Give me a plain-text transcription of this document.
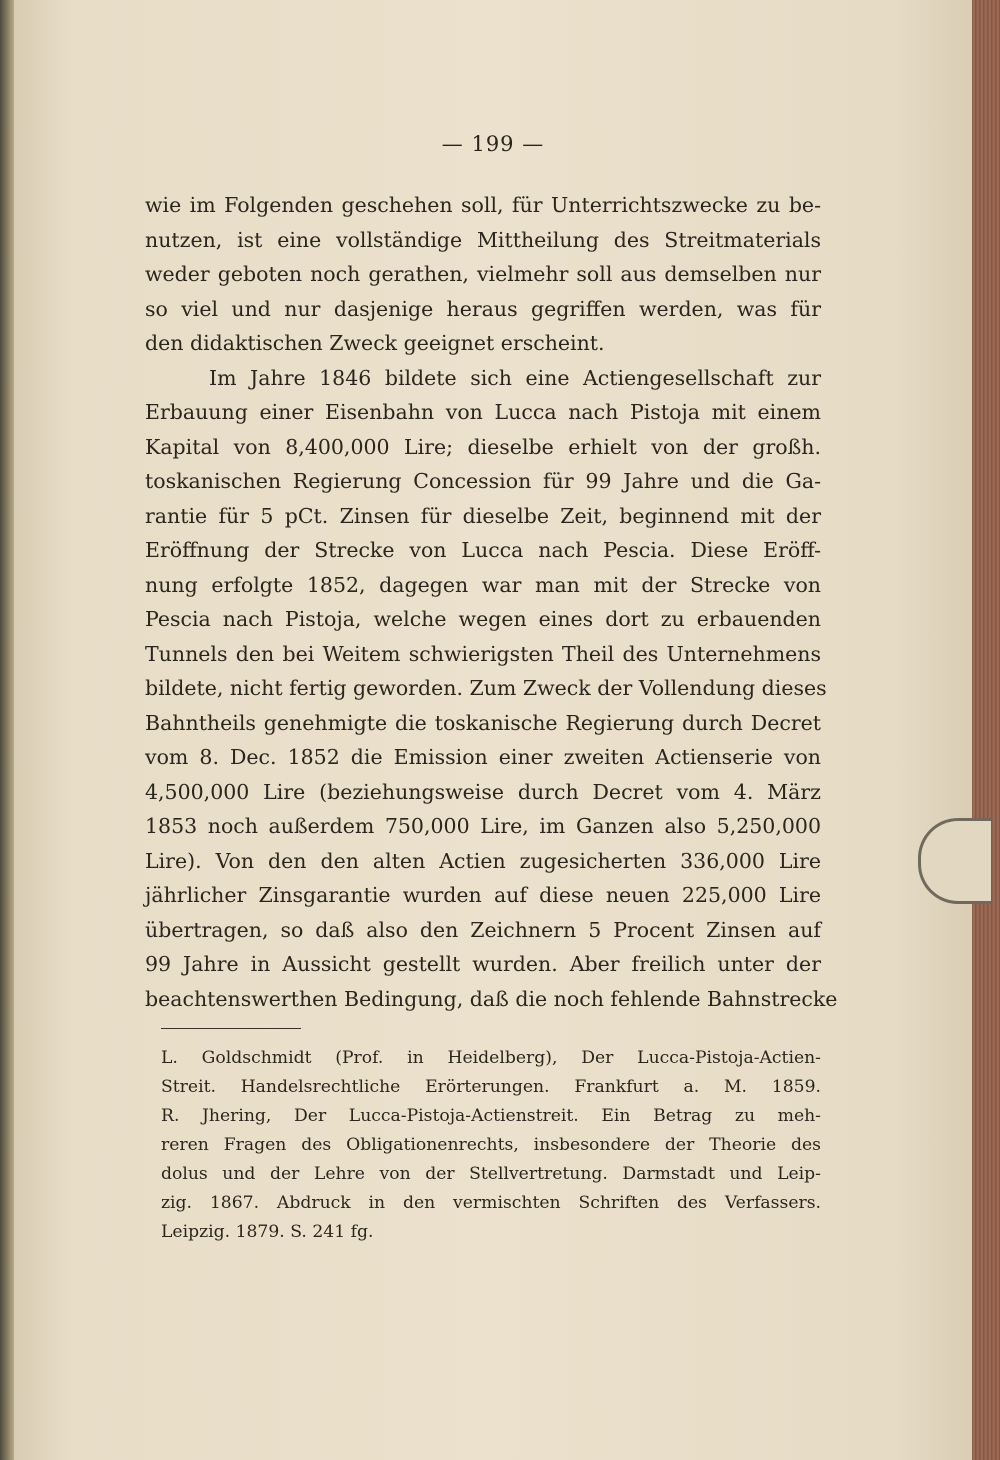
— 199 —
wie im Folgenden geschehen soll, für Unterrichtszwecke zu be-
nutzen, ist eine vollständige Mittheilung des Streitmaterials
weder geboten noch gerathen, vielmehr soll aus demselben nur
so viel und nur dasjenige heraus gegriffen werden, was für
den didaktischen Zweck geeignet erscheint.
Im Jahre 1846 bildete sich eine Actiengesellschaft zur
Erbauung einer Eisenbahn von Lucca nach Pistoja mit einem
Kapital von 8,400,000 Lire; dieselbe erhielt von der großh.
toskanischen Regierung Concession für 99 Jahre und die Ga-
rantie für 5 pCt. Zinsen für dieselbe Zeit, beginnend mit der
Eröffnung der Strecke von Lucca nach Pescia. Diese Eröff-
nung erfolgte 1852, dagegen war man mit der Strecke von
Pescia nach Pistoja, welche wegen eines dort zu erbauenden
Tunnels den bei Weitem schwierigsten Theil des Unternehmens
bildete, nicht fertig geworden. Zum Zweck der Vollendung dieses
Bahntheils genehmigte die toskanische Regierung durch Decret
vom 8. Dec. 1852 die Emission einer zweiten Actienserie von
4,500,000 Lire (beziehungsweise durch Decret vom 4. März
1853 noch außerdem 750,000 Lire, im Ganzen also 5,250,000
Lire). Von den den alten Actien zugesicherten 336,000 Lire
jährlicher Zinsgarantie wurden auf diese neuen 225,000 Lire
übertragen, so daß also den Zeichnern 5 Procent Zinsen auf
99 Jahre in Aussicht gestellt wurden. Aber freilich unter der
beachtenswerthen Bedingung, daß die noch fehlende Bahnstrecke
L. Goldschmidt (Prof. in Heidelberg), Der Lucca-Pistoja-Actien-
Streit. Handelsrechtliche Erörterungen. Frankfurt a. M. 1859.
R. Jhering, Der Lucca-Pistoja-Actienstreit. Ein Betrag zu meh-
reren Fragen des Obligationenrechts, insbesondere der Theorie des
dolus und der Lehre von der Stellvertretung. Darmstadt und Leip-
zig. 1867. Abdruck in den vermischten Schriften des Verfassers.
Leipzig. 1879. S. 241 fg.
